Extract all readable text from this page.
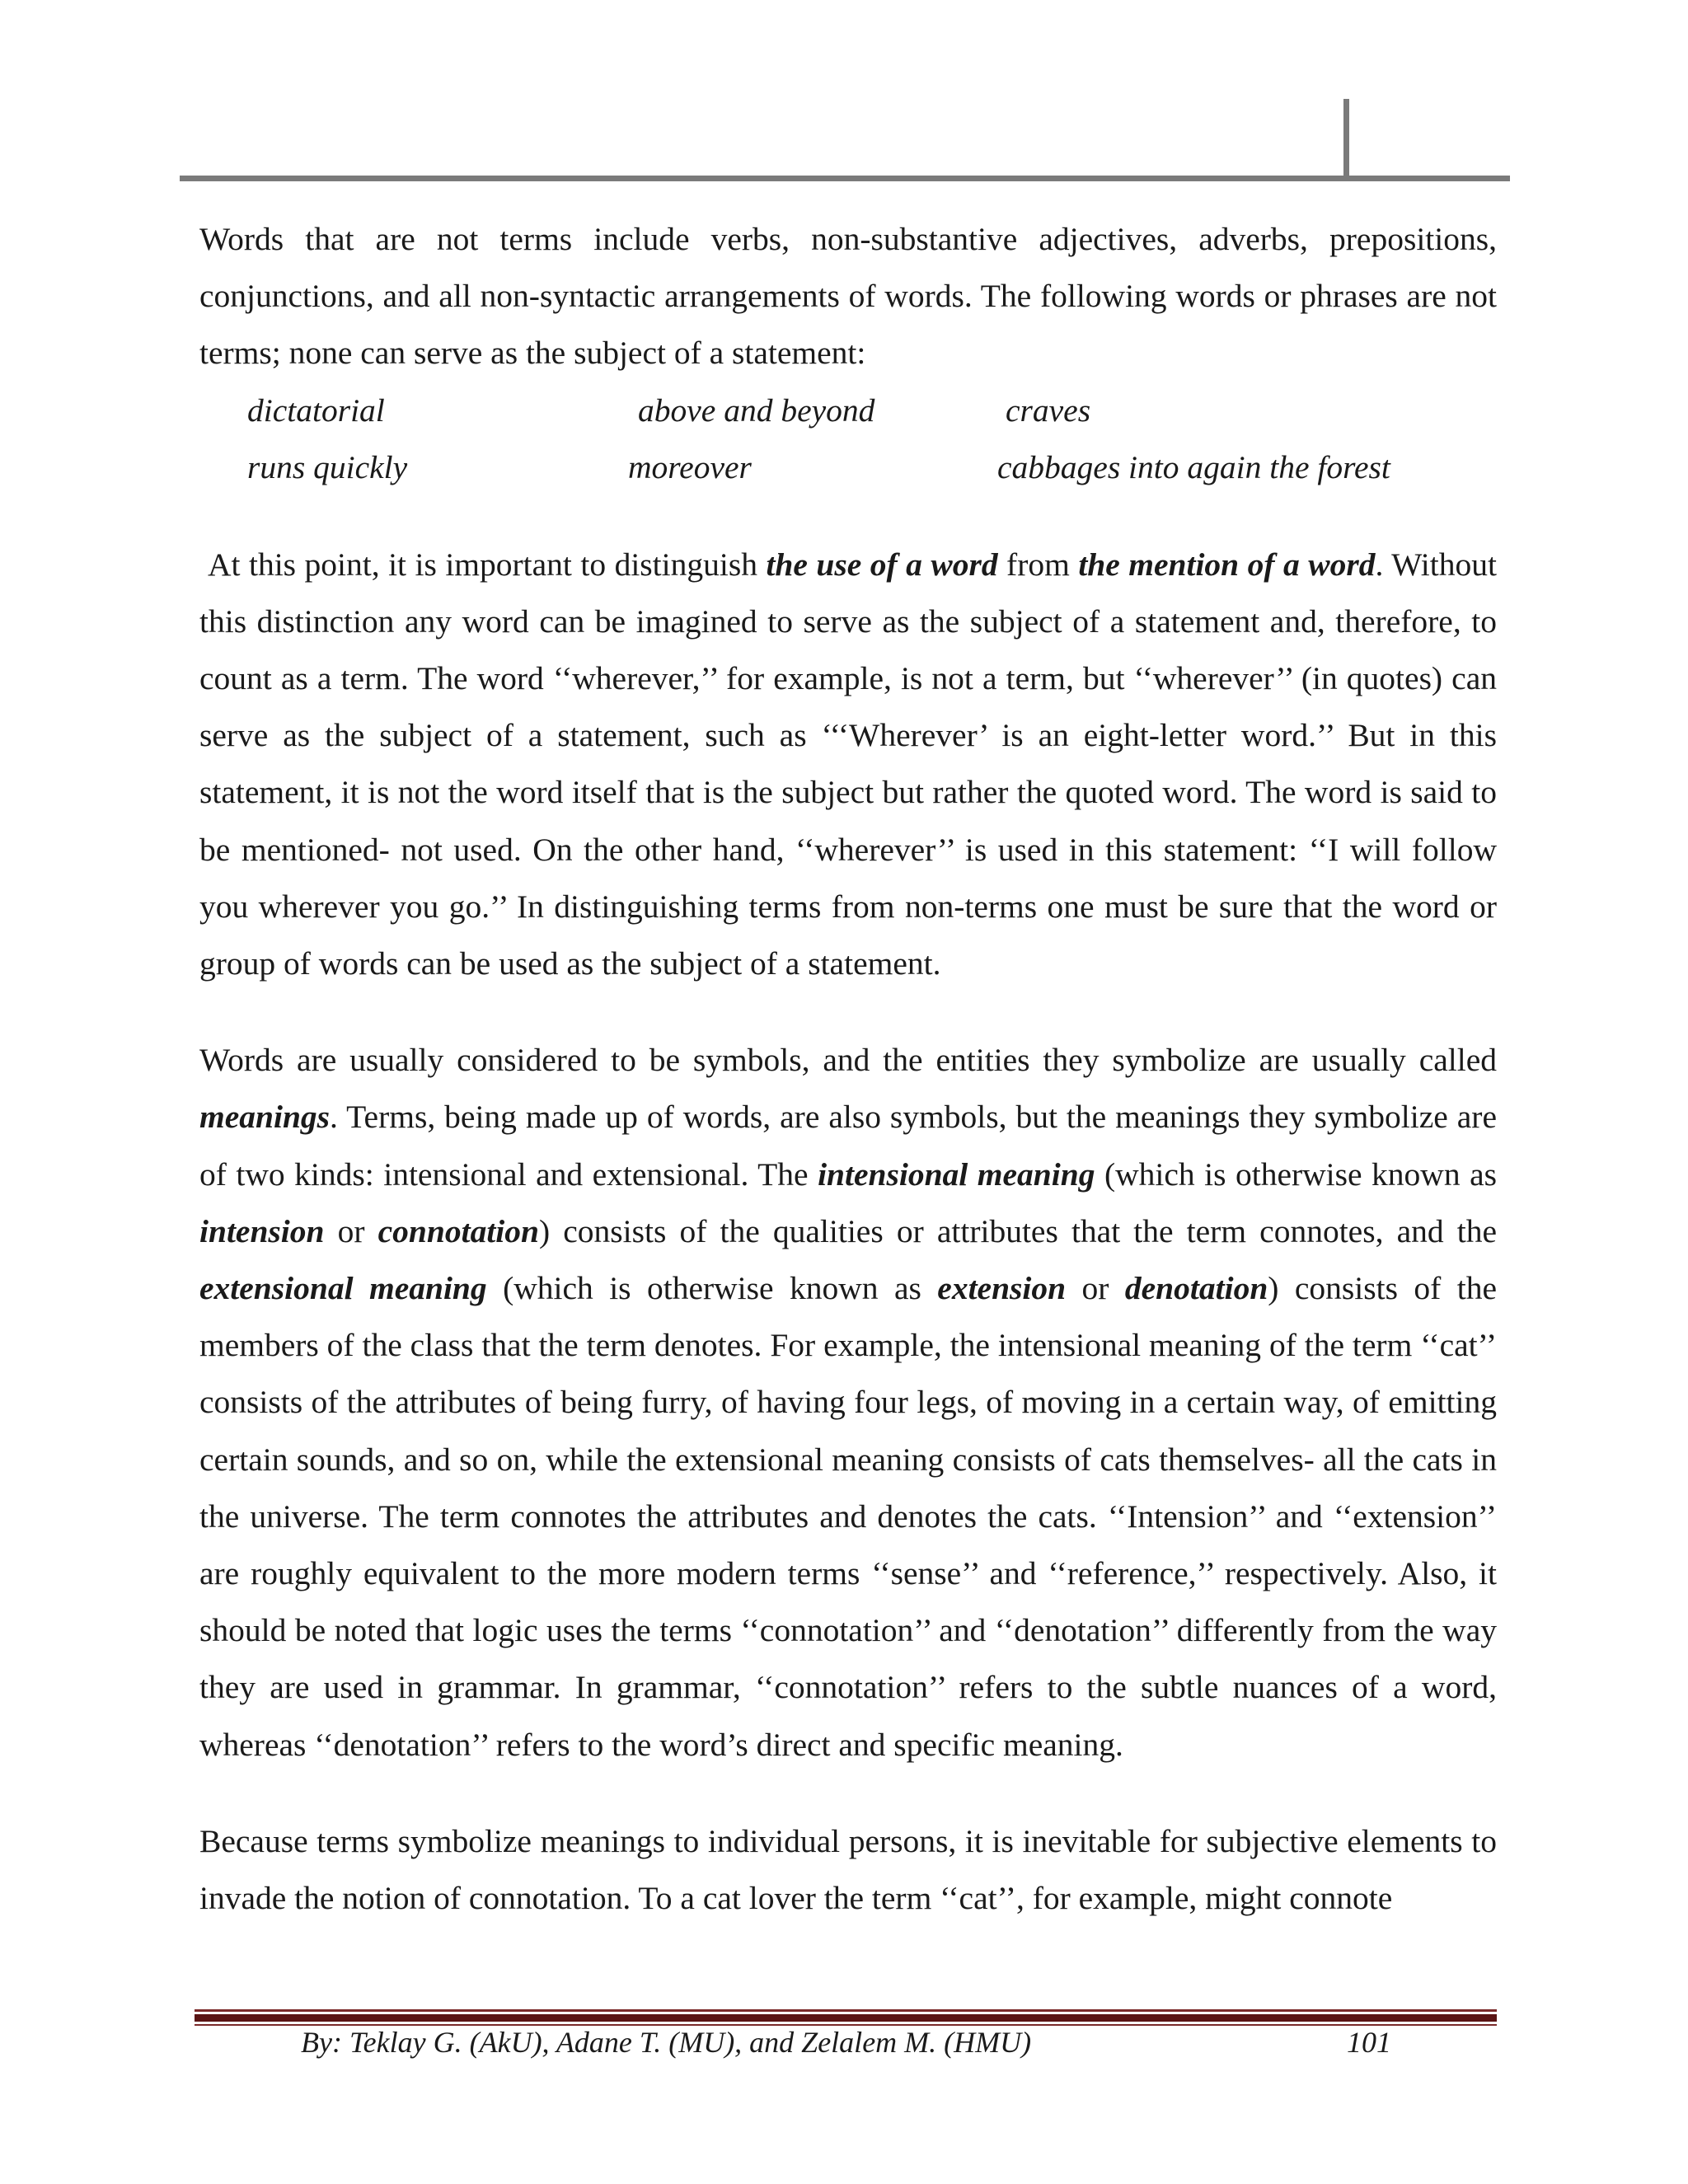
Words that are not terms include verbs, non-substantive adjectives, adverbs, prepositions, conjunctions, and all non-syntactic arrangements of words. The following words or phrases are not terms; none can serve as the subject of a statement:

dictatorial	above and beyond	craves
runs quickly	moreover	cabbages into again the forest

At this point, it is important to distinguish the use of a word from the mention of a word. Without this distinction any word can be imagined to serve as the subject of a statement and, therefore, to count as a term. The word ‘‘wherever,’’ for example, is not a term, but ‘‘wherever’’ (in quotes) can serve as the subject of a statement, such as ‘‘‘Wherever’ is an eight-letter word.’’ But in this statement, it is not the word itself that is the subject but rather the quoted word. The word is said to be mentioned- not used. On the other hand, ‘‘wherever’’ is used in this statement: ‘‘I will follow you wherever you go.’’ In distinguishing terms from non-terms one must be sure that the word or group of words can be used as the subject of a statement.

Words are usually considered to be symbols, and the entities they symbolize are usually called meanings. Terms, being made up of words, are also symbols, but the meanings they symbolize are of two kinds: intensional and extensional. The intensional meaning (which is otherwise known as intension or connotation) consists of the qualities or attributes that the term connotes, and the extensional meaning (which is otherwise known as extension or denotation) consists of the members of the class that the term denotes. For example, the intensional meaning of the term ‘‘cat’’ consists of the attributes of being furry, of having four legs, of moving in a certain way, of emitting certain sounds, and so on, while the extensional meaning consists of cats themselves- all the cats in the universe. The term connotes the attributes and denotes the cats. ‘‘Intension’’ and ‘‘extension’’ are roughly equivalent to the more modern terms ‘‘sense’’ and ‘‘reference,’’ respectively. Also, it should be noted that logic uses the terms ‘‘connotation’’ and ‘‘denotation’’ differently from the way they are used in grammar. In grammar, ‘‘connotation’’ refers to the subtle nuances of a word, whereas ‘‘denotation’’ refers to the word’s direct and specific meaning.

Because terms symbolize meanings to individual persons, it is inevitable for subjective elements to invade the notion of connotation. To a cat lover the term ‘‘cat’’, for example, might connote

By: Teklay G. (AkU), Adane T. (MU), and Zelalem M. (HMU)	101
